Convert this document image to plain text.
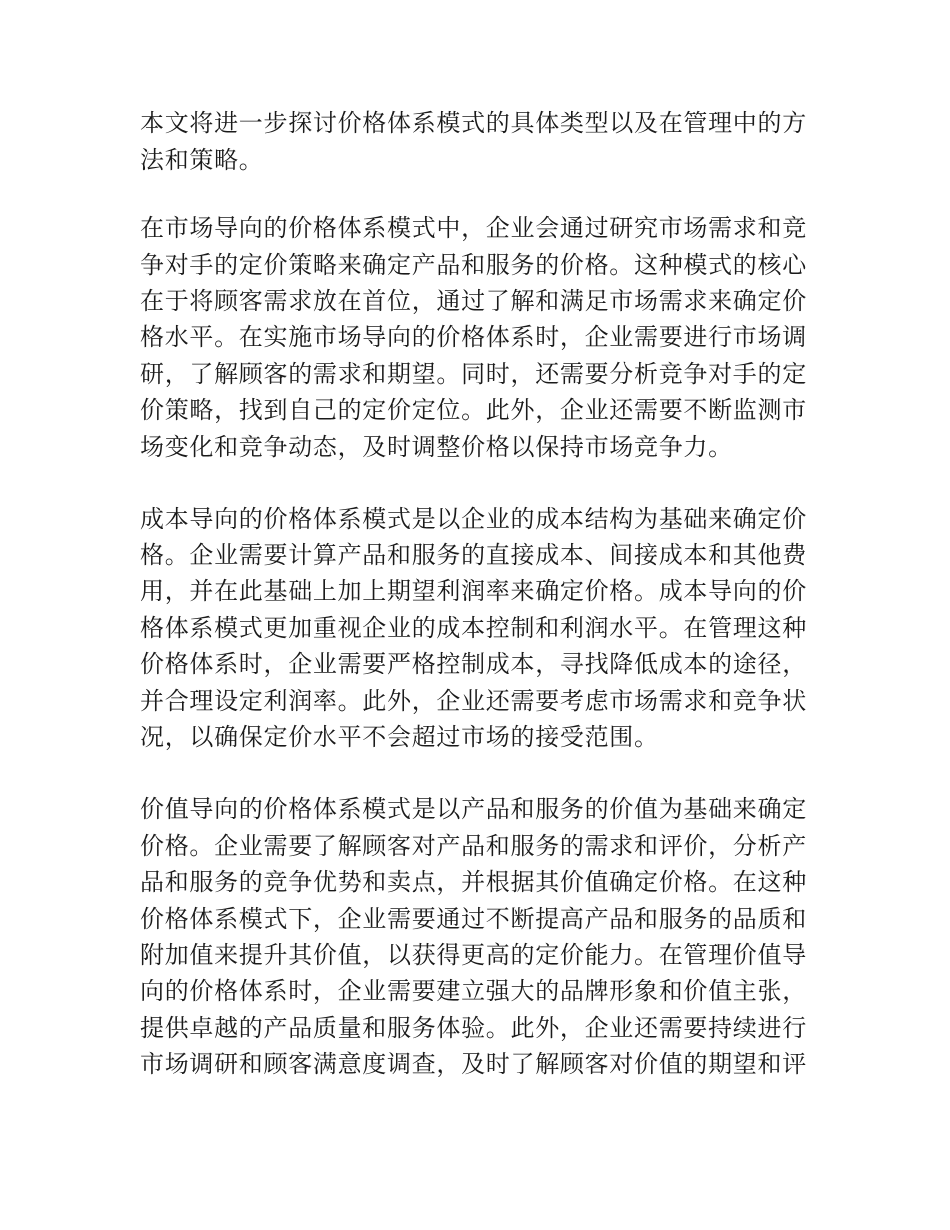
本文将进一步探讨价格体系模式的具体类型以及在管理中的方
法和策略。
在市场导向的价格体系模式中，企业会通过研究市场需求和竞
争对手的定价策略来确定产品和服务的价格。这种模式的核心
在于将顾客需求放在首位，通过了解和满足市场需求来确定价
格水平。在实施市场导向的价格体系时，企业需要进行市场调
研，了解顾客的需求和期望。同时，还需要分析竞争对手的定
价策略，找到自己的定价定位。此外，企业还需要不断监测市
场变化和竞争动态，及时调整价格以保持市场竞争力。
成本导向的价格体系模式是以企业的成本结构为基础来确定价
格。企业需要计算产品和服务的直接成本、间接成本和其他费
用，并在此基础上加上期望利润率来确定价格。成本导向的价
格体系模式更加重视企业的成本控制和利润水平。在管理这种
价格体系时，企业需要严格控制成本，寻找降低成本的途径，
并合理设定利润率。此外，企业还需要考虑市场需求和竞争状
况，以确保定价水平不会超过市场的接受范围。
价值导向的价格体系模式是以产品和服务的价值为基础来确定
价格。企业需要了解顾客对产品和服务的需求和评价，分析产
品和服务的竞争优势和卖点，并根据其价值确定价格。在这种
价格体系模式下，企业需要通过不断提高产品和服务的品质和
附加值来提升其价值，以获得更高的定价能力。在管理价值导
向的价格体系时，企业需要建立强大的品牌形象和价值主张，
提供卓越的产品质量和服务体验。此外，企业还需要持续进行
市场调研和顾客满意度调查，及时了解顾客对价值的期望和评
